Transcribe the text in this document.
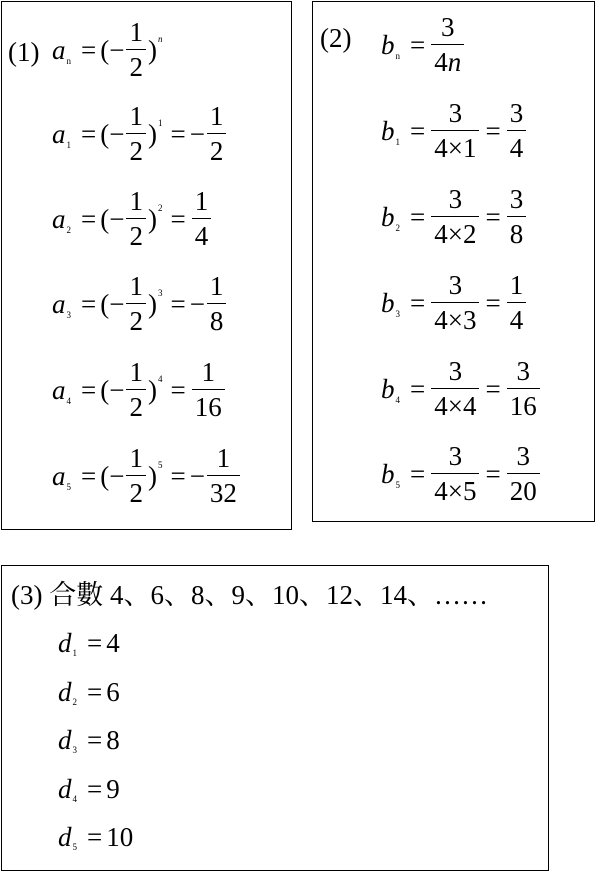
(1) a n = (− $\frac{1}{2}$ ) n
a 1 = (− $\frac{1}{2}$ ) 1 = − $\frac{1}{2}$
a 2 = (− $\frac{1}{2}$ ) $2 = \frac{1}{4}$
a 3 = (− $\frac{1}{2}$ ) 3 = − $\frac{1}{8}$
a 4 = (− $\frac{1}{2}$ ) $4 = \frac{1}{16}$
a 5 = (− $\frac{1}{2}$ ) 5 = − $\frac{1}{32}$
(2) b $n = \frac{3}{4n}$
b $1 = \frac{3}{4\times 1} = \frac{3}{4}$
b $2 = \frac{3}{4\times 2} = \frac{3}{8}$
b $3 = \frac{3}{4\times 3} = \frac{1}{4}$
b $4 = \frac{3}{4\times 4} = \frac{3}{16}$
b $5 = \frac{3}{4\times 5} = \frac{3}{20}$
(3) 合數 4、6、8、9、10、12、14、……
d 1 = 4
d 2 = 6
d 3 = 8
d 4 = 9
d 5 = 10
